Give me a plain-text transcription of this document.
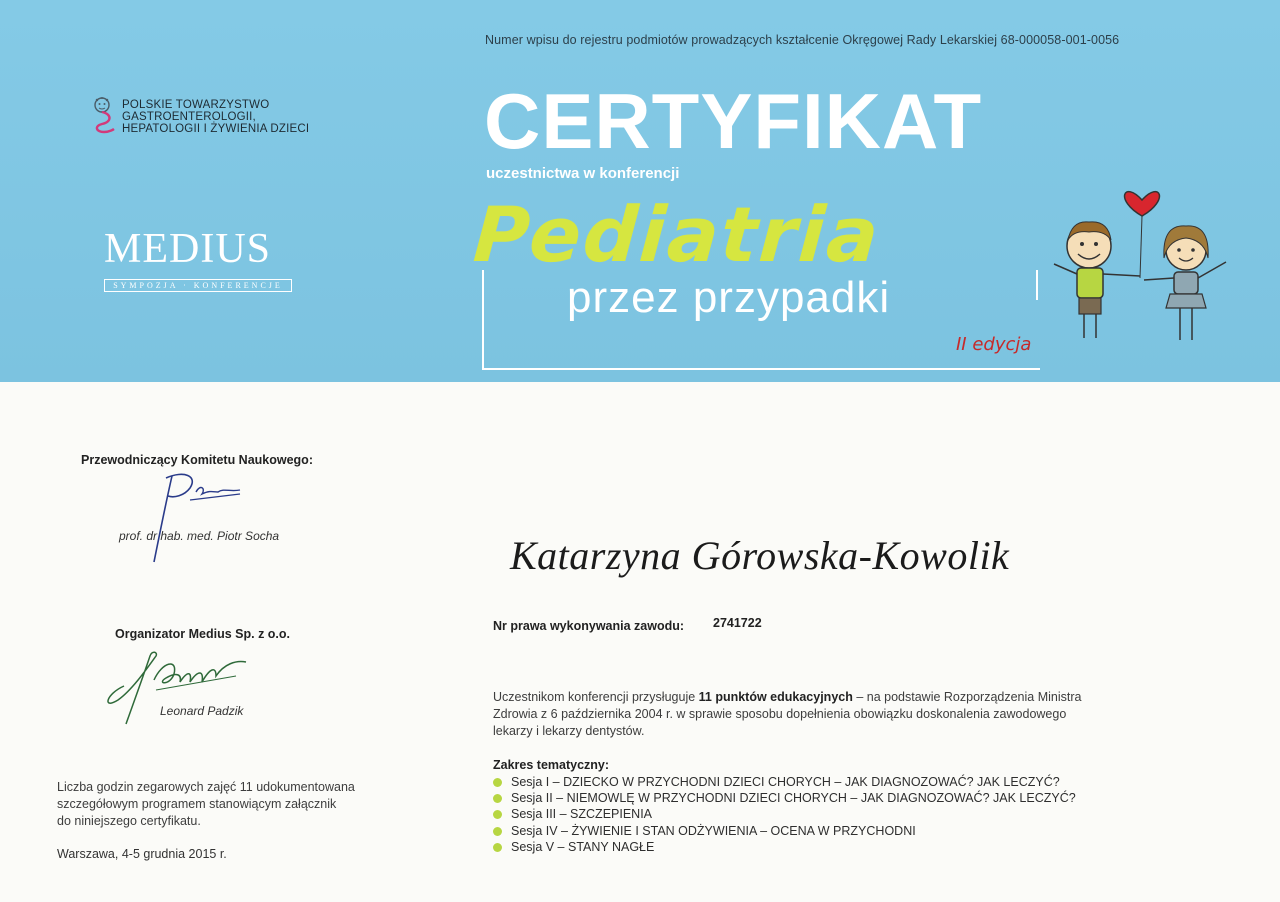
Numer wpisu do rejestru podmiotów prowadzących kształcenie Okręgowej Rady Lekarskiej 68-000058-001-0056
POLSKIE TOWARZYSTWO
GASTROENTEROLOGII,
HEPATOLOGII I ŻYWIENIA DZIECI
MEDIUS
SYMPOZJA · KONFERENCJE
CERTYFIKAT
uczestnictwa w konferencji
Pediatria
przez przypadki
II edycja
Przewodniczący Komitetu Naukowego:
prof. dr hab. med. Piotr Socha
Organizator Medius Sp. z o.o.
Leonard Padzik
Liczba godzin zegarowych zajęć 11 udokumentowana
szczegółowym programem stanowiącym załącznik
do niniejszego certyfikatu.
Warszawa, 4-5 grudnia 2015 r.
Katarzyna Górowska-Kowolik
Nr prawa wykonywania zawodu: 2741722
Uczestnikom konferencji przysługuje 11 punktów edukacyjnych – na podstawie Rozporządzenia Ministra Zdrowia z 6 października 2004 r. w sprawie sposobu dopełnienia obowiązku doskonalenia zawodowego lekarzy i lekarzy dentystów.
Zakres tematyczny:
Sesja I – DZIECKO W PRZYCHODNI DZIECI CHORYCH – JAK DIAGNOZOWAĆ? JAK LECZYĆ?
Sesja II – NIEMOWLĘ W PRZYCHODNI DZIECI CHORYCH – JAK DIAGNOZOWAĆ? JAK LECZYĆ?
Sesja III – SZCZEPIENIA
Sesja IV – ŻYWIENIE I STAN ODŻYWIENIA – OCENA W PRZYCHODNI
Sesja V – STANY NAGŁE
